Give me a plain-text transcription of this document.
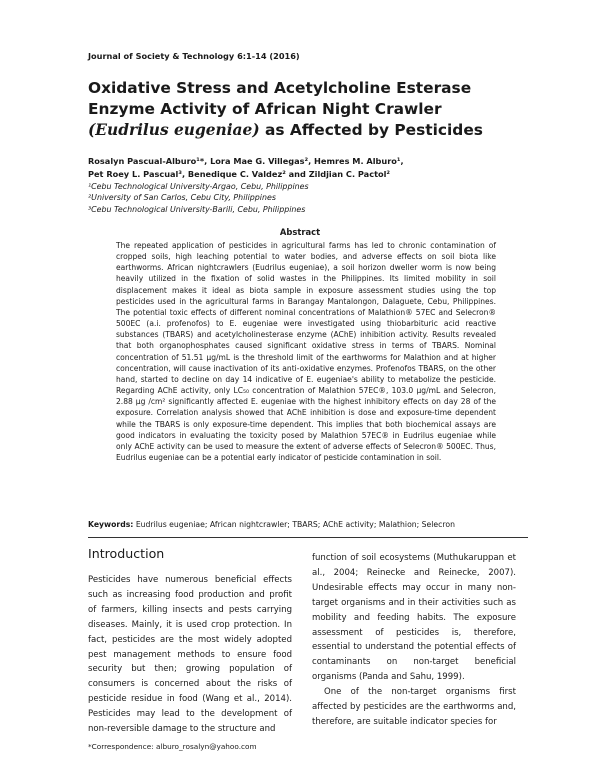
Journal of Society & Technology 6:1-14 (2016)
Oxidative Stress and Acetylcholine Esterase
Enzyme Activity of African Night Crawler
(Eudrilus eugeniae) as Affected by Pesticides
Rosalyn Pascual-Alburo¹*, Lora Mae G. Villegas², Hemres M. Alburo¹,
Pet Roey L. Pascual³, Benedique C. Valdez² and Zildjian C. Pactol²
¹Cebu Technological University-Argao, Cebu, Philippines
²University of San Carlos, Cebu City, Philippines
³Cebu Technological University-Barili, Cebu, Philippines
Abstract

The repeated application of pesticides in agricultural farms has led to chronic contamination of cropped soils, high leaching potential to water bodies, and adverse effects on soil biota like earthworms. African nightcrawlers (Eudrilus eugeniae), a soil horizon dweller worm is now being heavily utilized in the fixation of solid wastes in the Philippines. Its limited mobility in soil displacement makes it ideal as biota sample in exposure assessment studies using the top pesticides used in the agricultural farms in Barangay Mantalongon, Dalaguete, Cebu, Philippines. The potential toxic effects of different nominal concentrations of Malathion® 57EC and Selecron® 500EC (a.i. profenofos) to E. eugeniae were investigated using thiobarbituric acid reactive substances (TBARS) and acetylcholinesterase enzyme (AChE) inhibition activity. Results revealed that both organophosphates caused significant oxidative stress in terms of TBARS. Nominal concentration of 51.51 μg/mL is the threshold limit of the earthworms for Malathion and at higher concentration, will cause inactivation of its anti-oxidative enzymes. Profenofos TBARS, on the other hand, started to decline on day 14 indicative of E. eugeniae's ability to metabolize the pesticide. Regarding AChE activity, only LC₅₀ concentration of Malathion 57EC®, 103.0 μg/mL and Selecron, 2.88 μg /cm² significantly affected E. eugeniae with the highest inhibitory effects on day 28 of the exposure. Correlation analysis showed that AChE inhibition is dose and exposure-time dependent while the TBARS is only exposure-time dependent. This implies that both biochemical assays are good indicators in evaluating the toxicity posed by Malathion 57EC® in Eudrilus eugeniae while only AChE activity can be used to measure the extent of adverse effects of Selecron® 500EC. Thus, Eudrilus eugeniae can be a potential early indicator of pesticide contamination in soil.

Keywords: Eudrilus eugeniae; African nightcrawler; TBARS; AChE activity; Malathion; Selecron
Introduction

Pesticides have numerous beneficial effects such as increasing food production and profit of farmers, killing insects and pests carrying diseases. Mainly, it is used crop protection. In fact, pesticides are the most widely adopted pest management methods to ensure food security but then; growing population of consumers is concerned about the risks of pesticide residue in food (Wang et al., 2014). Pesticides may lead to the development of non-reversible damage to the structure and

function of soil ecosystems (Muthukaruppan et al., 2004; Reinecke and Reinecke, 2007). Undesirable effects may occur in many non-target organisms and in their activities such as mobility and feeding habits. The exposure assessment of pesticides is, therefore, essential to understand the potential effects of contaminants on non-target beneficial organisms (Panda and Sahu, 1999).

One of the non-target organisms first affected by pesticides are the earthworms and, therefore, are suitable indicator species for

*Correspondence: alburo_rosalyn@yahoo.com
